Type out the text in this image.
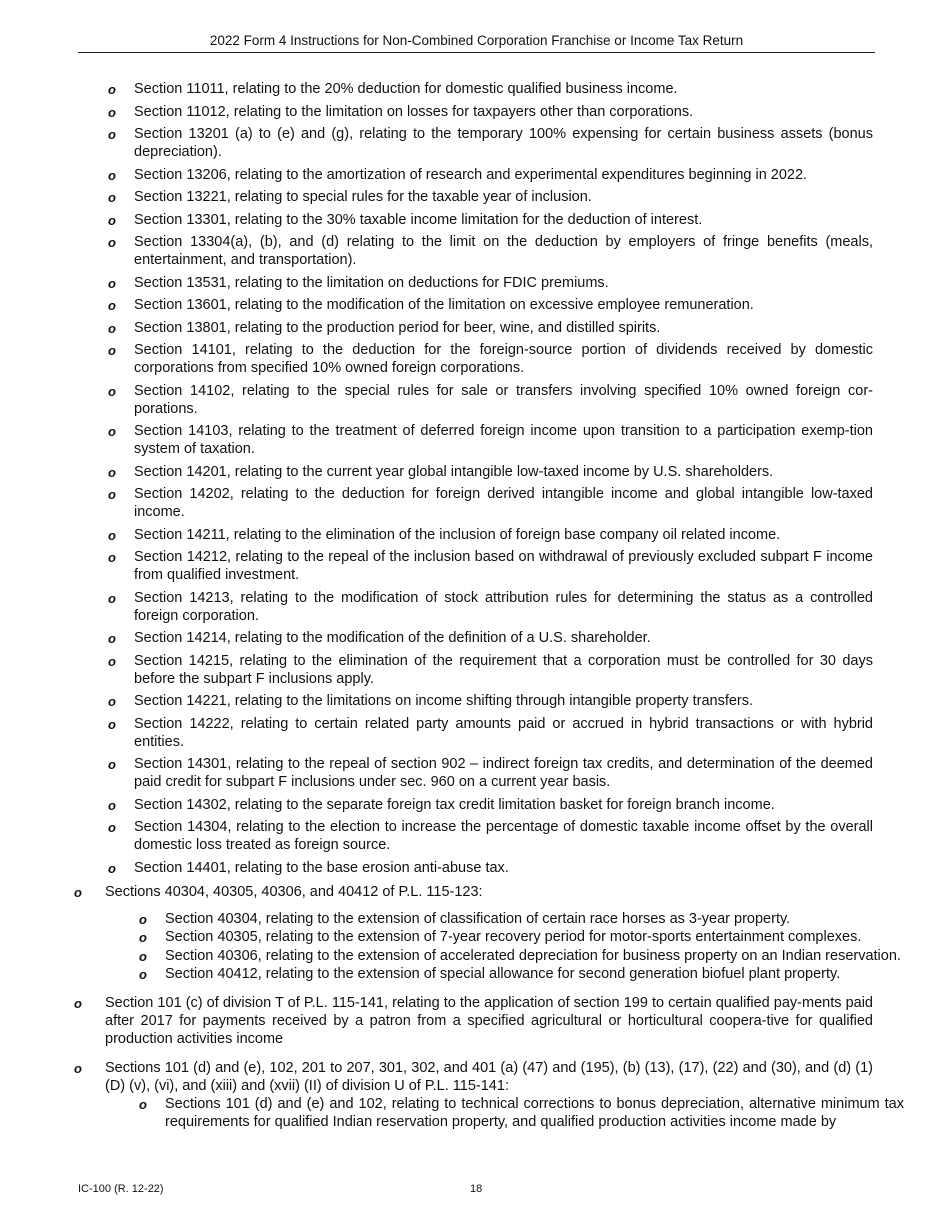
2022 Form 4 Instructions for Non-Combined Corporation Franchise or Income Tax Return
o Section 11011, relating to the 20% deduction for domestic qualified business income.
o Section 11012, relating to the limitation on losses for taxpayers other than corporations.
o Section 13201 (a) to (e) and (g), relating to the temporary 100% expensing for certain business assets (bonus depreciation).
o Section 13206, relating to the amortization of research and experimental expenditures beginning in 2022.
o Section 13221, relating to special rules for the taxable year of inclusion.
o Section 13301, relating to the 30% taxable income limitation for the deduction of interest.
o Section 13304(a), (b), and (d) relating to the limit on the deduction by employers of fringe benefits (meals, entertainment, and transportation).
o Section 13531, relating to the limitation on deductions for FDIC premiums.
o Section 13601, relating to the modification of the limitation on excessive employee remuneration.
o Section 13801, relating to the production period for beer, wine, and distilled spirits.
o Section 14101, relating to the deduction for the foreign-source portion of dividends received by domestic corporations from specified 10% owned foreign corporations.
o Section 14102, relating to the special rules for sale or transfers involving specified 10% owned foreign cor-porations.
o Section 14103, relating to the treatment of deferred foreign income upon transition to a participation exemp-tion system of taxation.
o Section 14201, relating to the current year global intangible low-taxed income by U.S. shareholders.
o Section 14202, relating to the deduction for foreign derived intangible income and global intangible low-taxed income.
o Section 14211, relating to the elimination of the inclusion of foreign base company oil related income.
o Section 14212, relating to the repeal of the inclusion based on withdrawal of previously excluded subpart F income from qualified investment.
o Section 14213, relating to the modification of stock attribution rules for determining the status as a controlled foreign corporation.
o Section 14214, relating to the modification of the definition of a U.S. shareholder.
o Section 14215, relating to the elimination of the requirement that a corporation must be controlled for 30 days before the subpart F inclusions apply.
o Section 14221, relating to the limitations on income shifting through intangible property transfers.
o Section 14222, relating to certain related party amounts paid or accrued in hybrid transactions or with hybrid entities.
o Section 14301, relating to the repeal of section 902 – indirect foreign tax credits, and determination of the deemed paid credit for subpart F inclusions under sec. 960 on a current year basis.
o Section 14302, relating to the separate foreign tax credit limitation basket for foreign branch income.
o Section 14304, relating to the election to increase the percentage of domestic taxable income offset by the overall domestic loss treated as foreign source.
o Section 14401, relating to the base erosion anti-abuse tax.
o Sections 40304, 40305, 40306, and 40412 of P.L. 115-123:
o Section 40304, relating to the extension of classification of certain race horses as 3-year property.
o Section 40305, relating to the extension of 7-year recovery period for motor-sports entertainment complexes.
o Section 40306, relating to the extension of accelerated depreciation for business property on an Indian reservation.
o Section 40412, relating to the extension of special allowance for second generation biofuel plant property.
o Section 101 (c) of division T of P.L. 115-141, relating to the application of section 199 to certain qualified pay-ments paid after 2017 for payments received by a patron from a specified agricultural or horticultural coopera-tive for qualified production activities income
o Sections 101 (d) and (e), 102, 201 to 207, 301, 302, and 401 (a) (47) and (195), (b) (13), (17), (22) and (30), and (d) (1) (D) (v), (vi), and (xiii) and (xvii) (II) of division U of P.L. 115-141:
o Sections 101 (d) and (e) and 102, relating to technical corrections to bonus depreciation, alternative minimum tax requirements for qualified Indian reservation property, and qualified production activities income made by
IC-100 (R. 12-22)	18
